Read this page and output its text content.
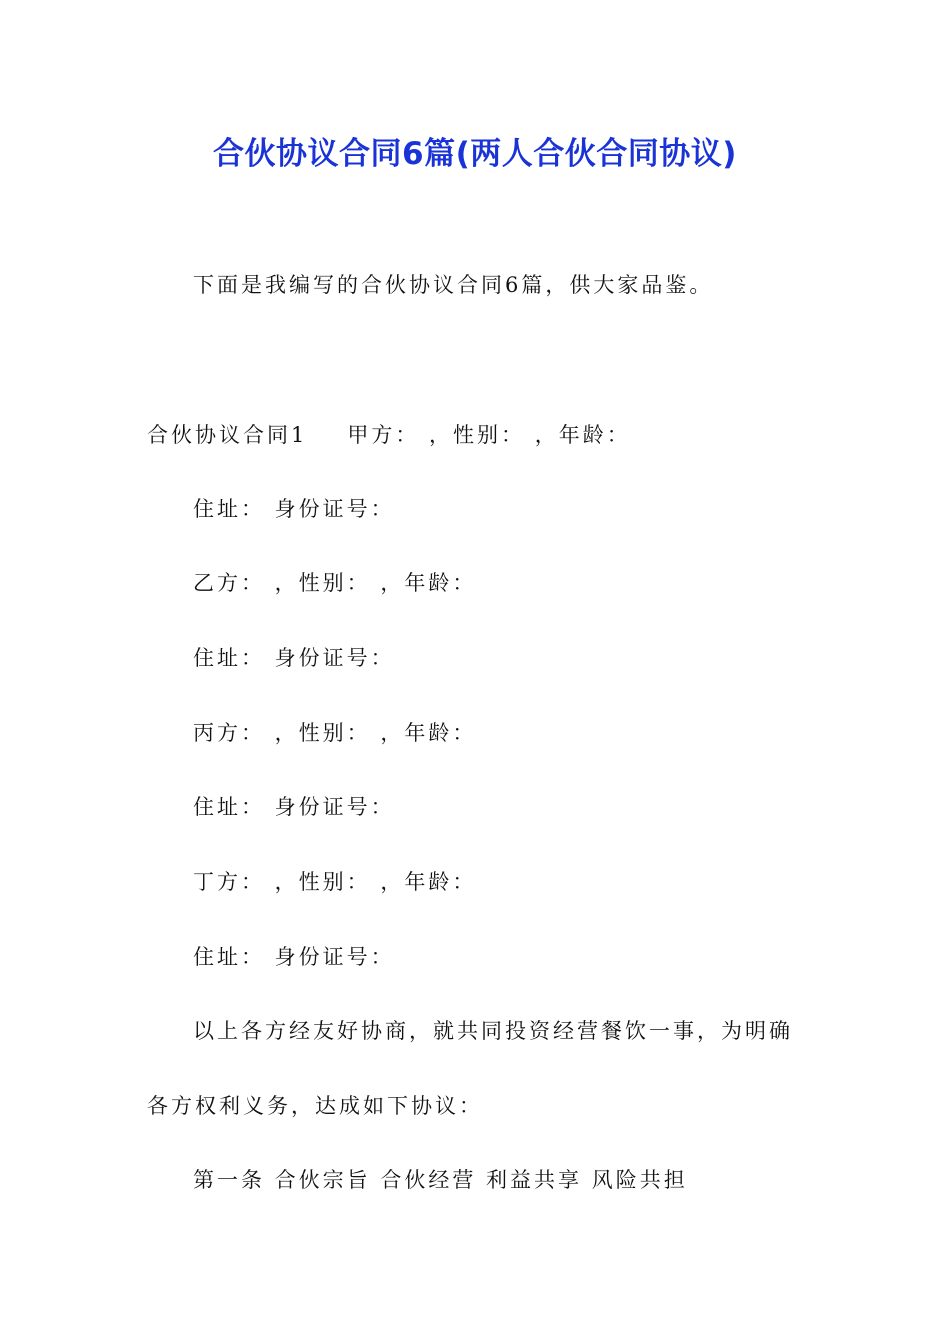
合伙协议合同6篇(两人合伙合同协议)
下面是我编写的合伙协议合同6篇，供大家品鉴。
合伙协议合同1 甲方： ，性别： ，年龄：
住址： 身份证号：
乙方： ，性别： ，年龄：
住址： 身份证号：
丙方： ，性别： ，年龄：
住址： 身份证号：
丁方： ，性别： ，年龄：
住址： 身份证号：
以上各方经友好协商，就共同投资经营餐饮一事，为明确
各方权利义务，达成如下协议：
第一条 合伙宗旨 合伙经营 利益共享 风险共担
